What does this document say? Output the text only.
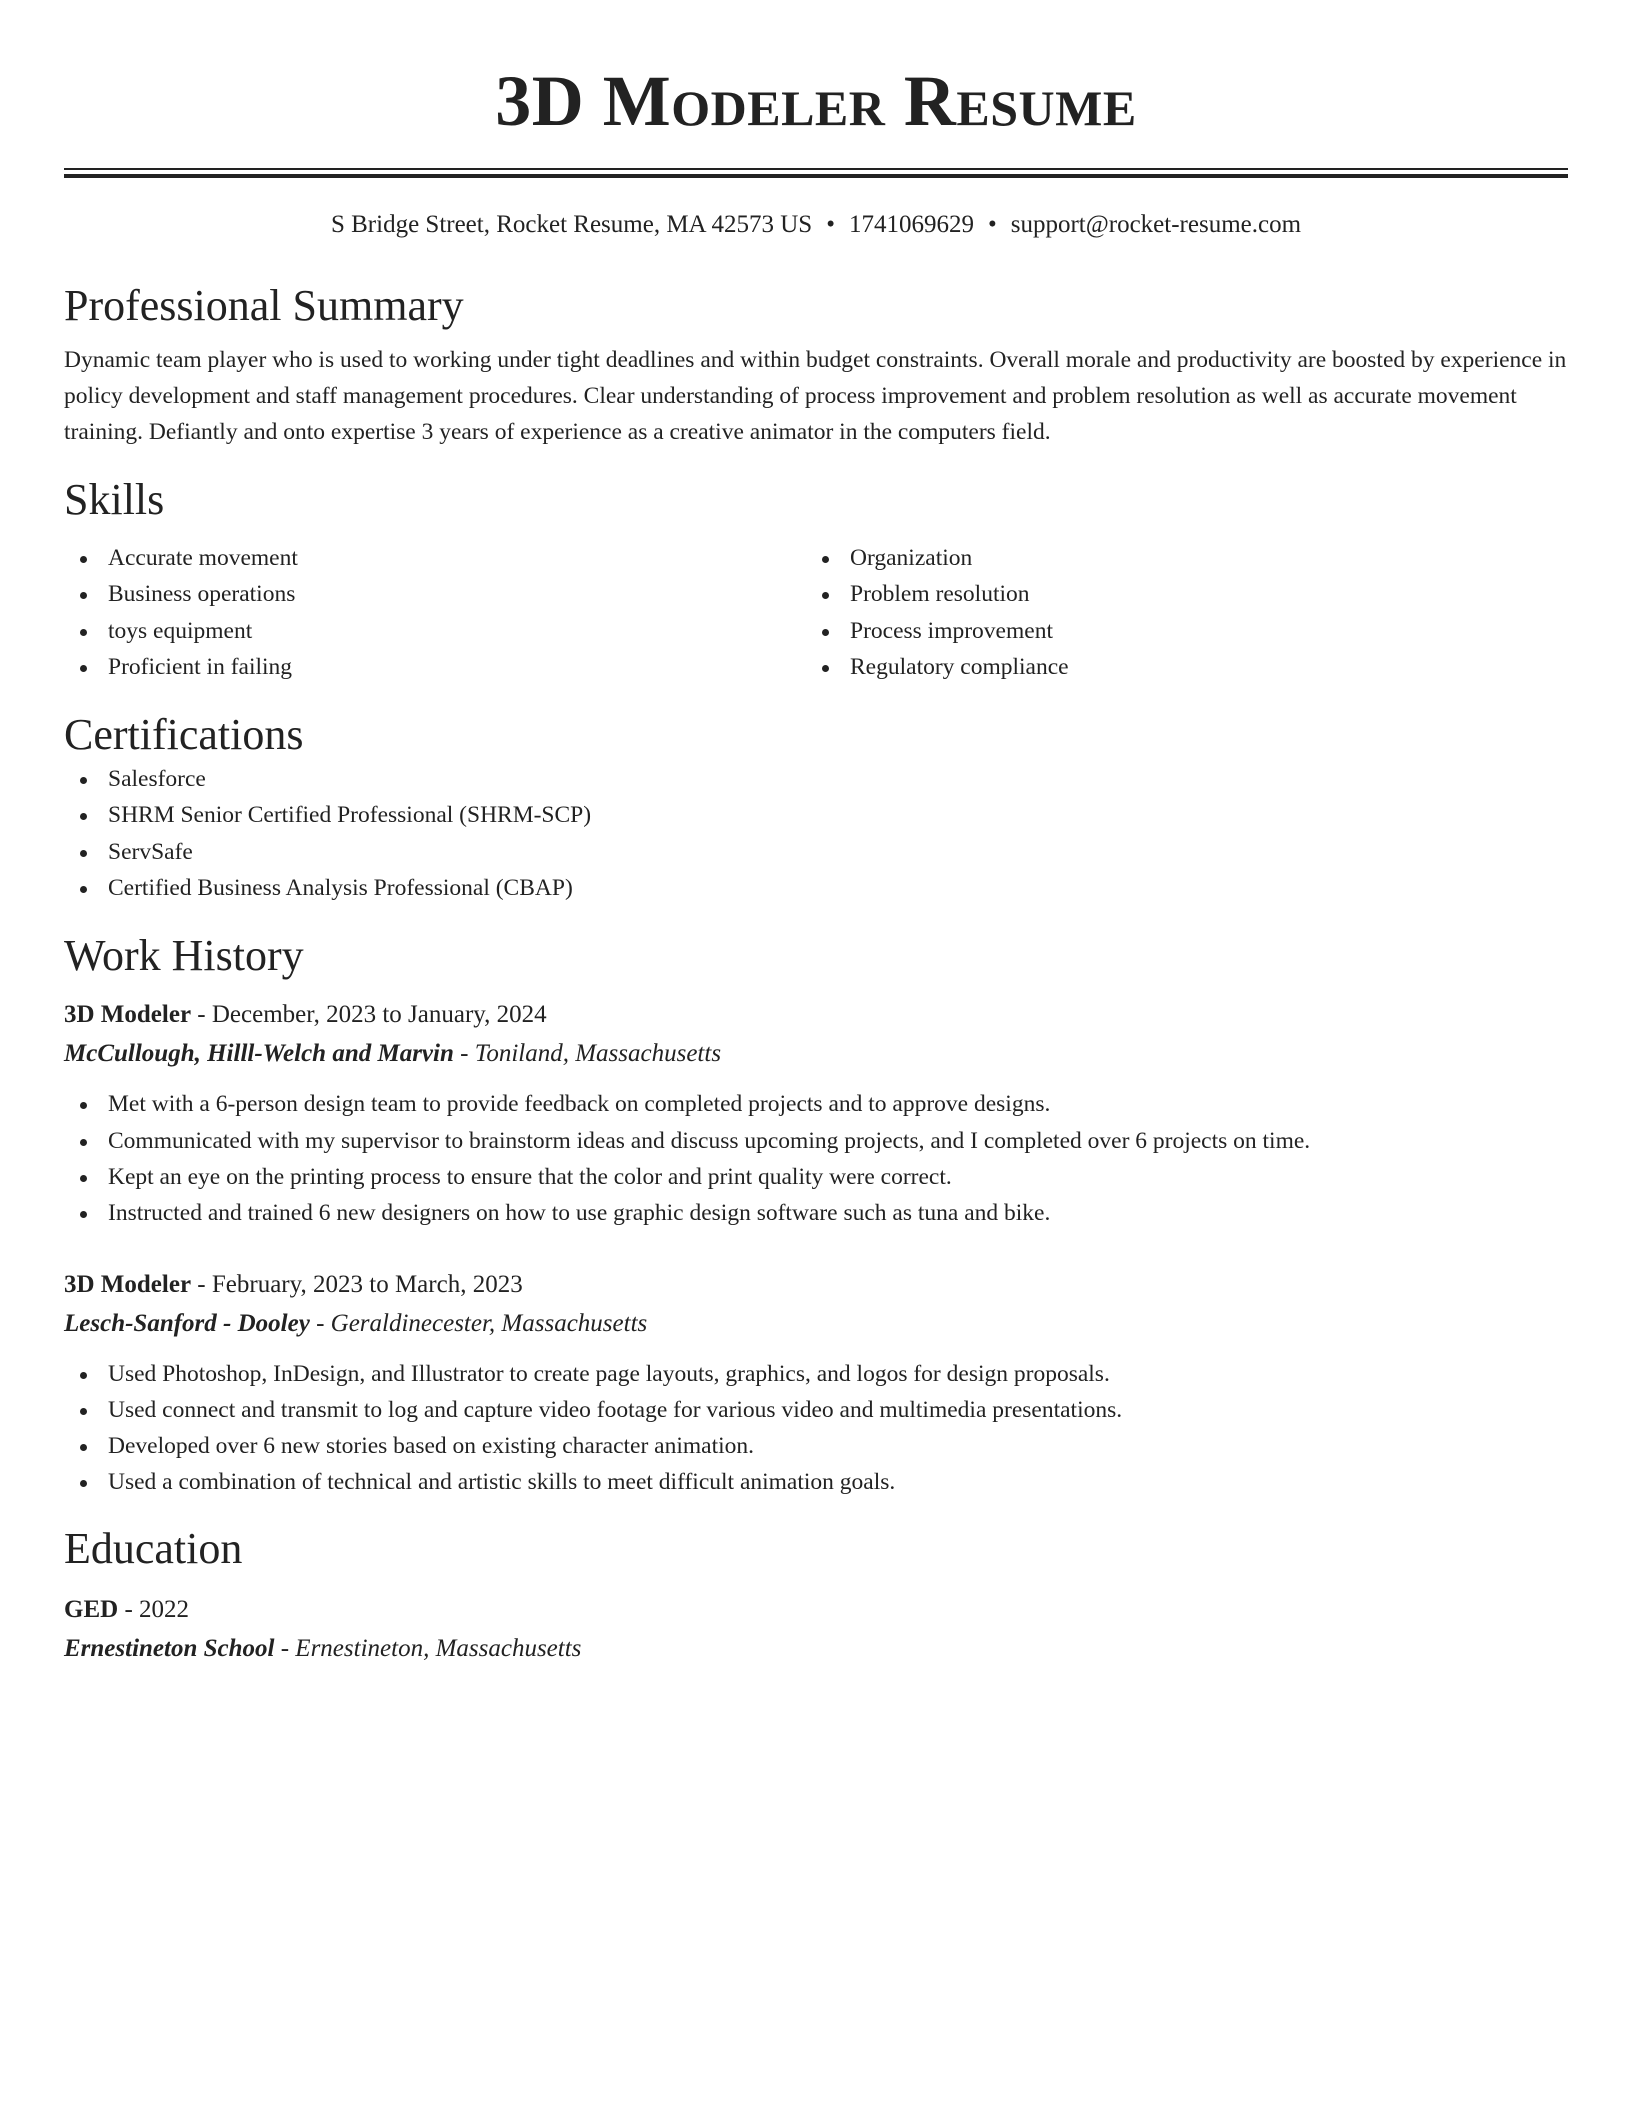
3D Modeler Resume
S Bridge Street, Rocket Resume, MA 42573 US • 1741069629 • support@rocket-resume.com
Professional Summary
Dynamic team player who is used to working under tight deadlines and within budget constraints. Overall morale and productivity are boosted by experience in policy development and staff management procedures. Clear understanding of process improvement and problem resolution as well as accurate movement training. Defiantly and onto expertise 3 years of experience as a creative animator in the computers field.
Skills
Accurate movement
Business operations
toys equipment
Proficient in failing
Organization
Problem resolution
Process improvement
Regulatory compliance
Certifications
Salesforce
SHRM Senior Certified Professional (SHRM-SCP)
ServSafe
Certified Business Analysis Professional (CBAP)
Work History
3D Modeler - December, 2023 to January, 2024
McCullough, Hilll-Welch and Marvin - Toniland, Massachusetts
Met with a 6-person design team to provide feedback on completed projects and to approve designs.
Communicated with my supervisor to brainstorm ideas and discuss upcoming projects, and I completed over 6 projects on time.
Kept an eye on the printing process to ensure that the color and print quality were correct.
Instructed and trained 6 new designers on how to use graphic design software such as tuna and bike.
3D Modeler - February, 2023 to March, 2023
Lesch-Sanford - Dooley - Geraldinecester, Massachusetts
Used Photoshop, InDesign, and Illustrator to create page layouts, graphics, and logos for design proposals.
Used connect and transmit to log and capture video footage for various video and multimedia presentations.
Developed over 6 new stories based on existing character animation.
Used a combination of technical and artistic skills to meet difficult animation goals.
Education
GED - 2022
Ernestineton School - Ernestineton, Massachusetts
